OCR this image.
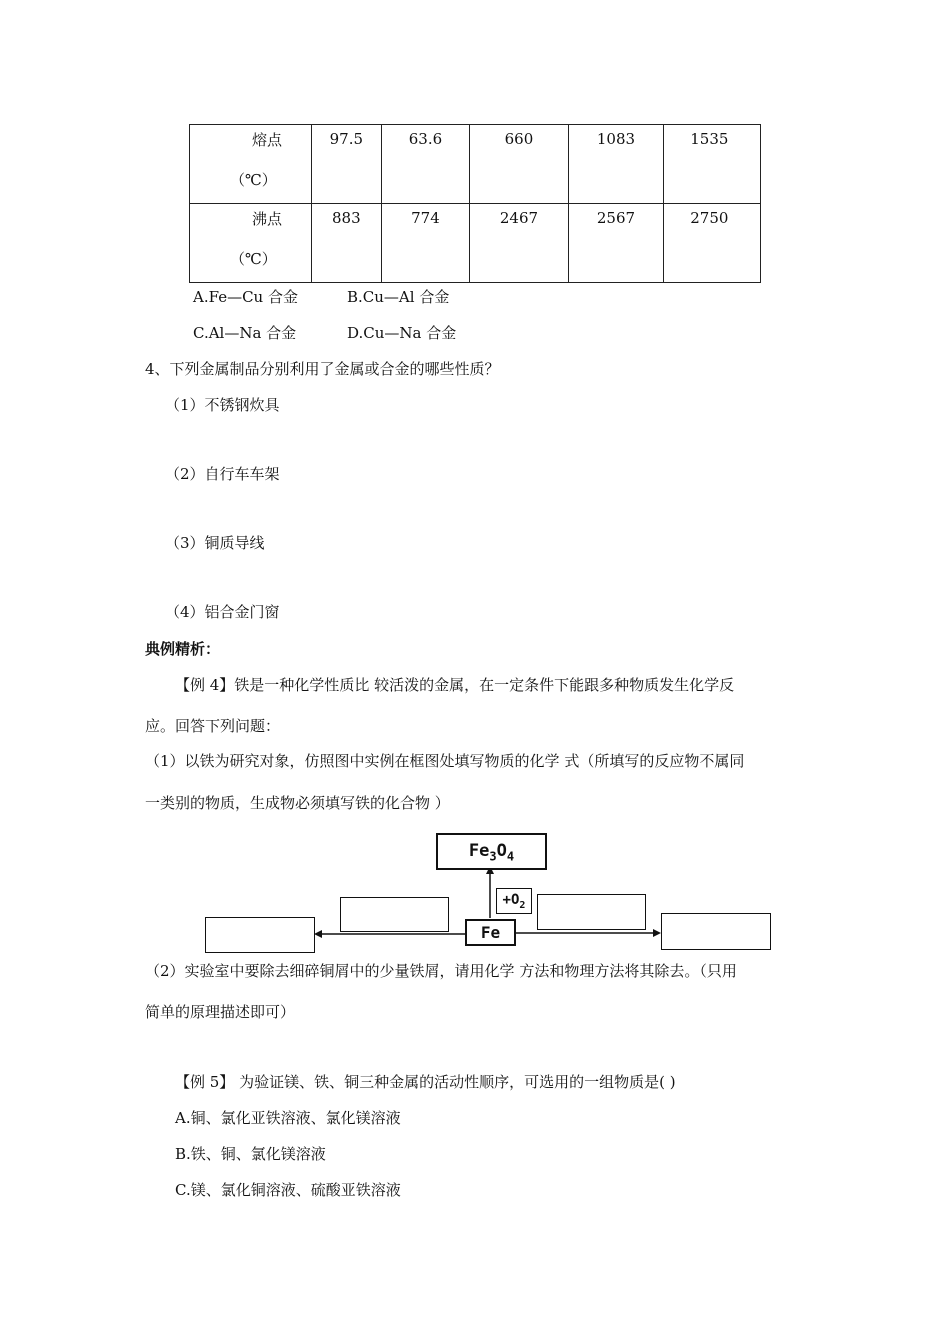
熔点
（℃）	97.5	63.6	660	1083	1535

沸点
（℃）	883	774	2467	2567	2750
A.Fe—Cu 合金	B.Cu—Al 合金
C.Al—Na 合金	D.Cu—Na 合金
4、下列金属制品分别利用了金属或合金的哪些性质？
（1）不锈钢炊具
（2）自行车车架
（3）铜质导线
（4）铝合金门窗
典例精析：
【例 4】铁是一种化学性质比 较活泼的金属，在一定条件下能跟多种物质发生化学反
应。回答下列问题：
（1）以铁为研究对象，仿照图中实例在框图处填写物质的化学 式（所填写的反应物不属同
一类别的物质，生成物必须填写铁的化合物 ）
$Fe_3O_4$
$+O_2$
Fe
（2）实验室中要除去细碎铜屑中的少量铁屑，请用化学 方法和物理方法将其除去。（只用
简单的原理描述即可）
【例 5】 为验证镁、铁、铜三种金属的活动性顺序，可选用的一组物质是( )
A.铜、氯化亚铁溶液、氯化镁溶液
B.铁、铜、氯化镁溶液
C.镁、氯化铜溶液、硫酸亚铁溶液
